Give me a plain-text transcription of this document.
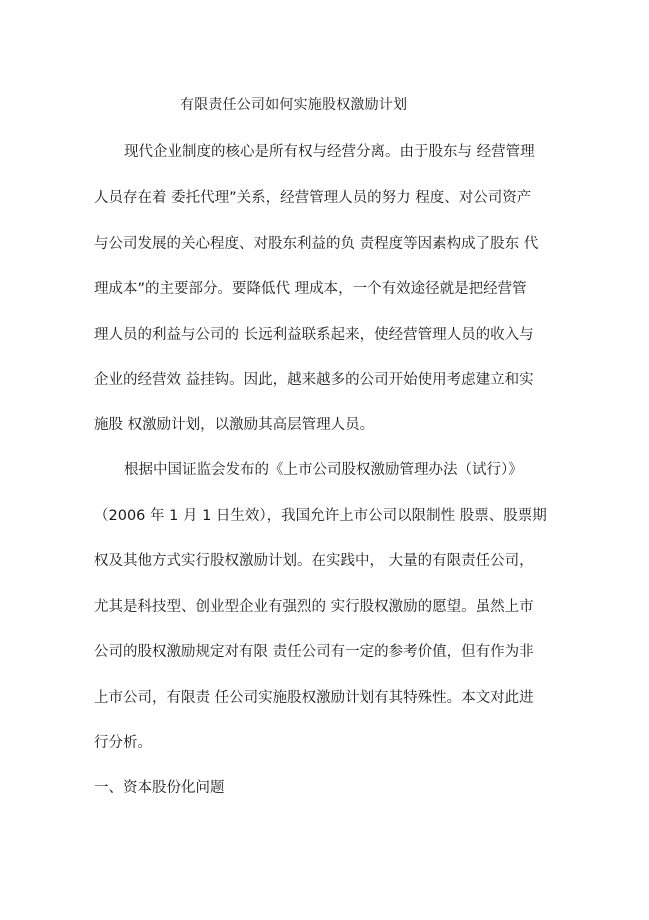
有限责任公司如何实施股权激励计划
现代企业制度的核心是所有权与经营分离。由于股东与 经营管理
人员存在着 委托代理”关系，经营管理人员的努力 程度、对公司资产
与公司发展的关心程度、对股东利益的负 责程度等因素构成了股东 代
理成本”的主要部分。要降低代 理成本，一个有效途径就是把经营管
理人员的利益与公司的 长远利益联系起来，使经营管理人员的收入与
企业的经营效 益挂钩。因此，越来越多的公司开始使用考虑建立和实
施股 权激励计划，以激励其高层管理人员。
根据中国证监会发布的《上市公司股权激励管理办法（试行）》
（2006 年 1 月 1 日生效），我国允许上市公司以限制性 股票、股票期
权及其他方式实行股权激励计划。在实践中， 大量的有限责任公司，
尤其是科技型、创业型企业有强烈的 实行股权激励的愿望。虽然上市
公司的股权激励规定对有限 责任公司有一定的参考价值，但有作为非
上市公司，有限责 任公司实施股权激励计划有其特殊性。本文对此进
行分析。
一、资本股份化问题
